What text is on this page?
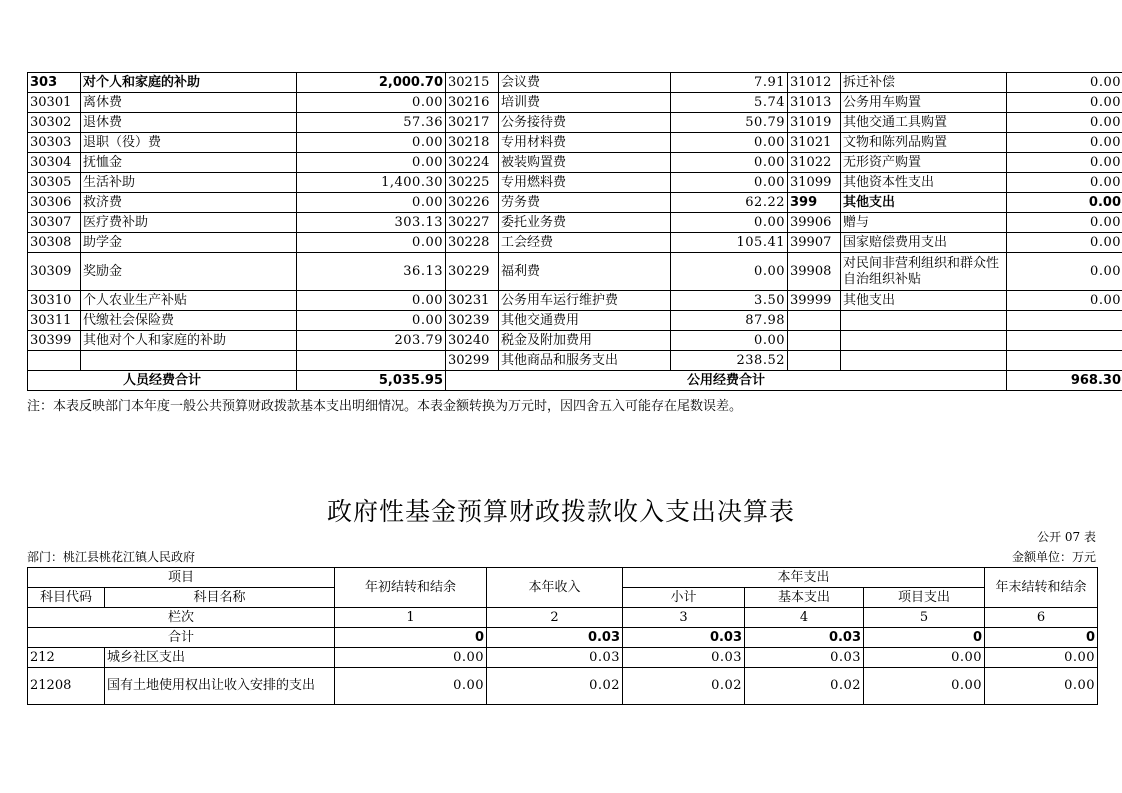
303	对个人和家庭的补助	2,000.70	30215	会议费	7.91	31012	拆迁补偿	0.00
30301	离休费	0.00	30216	培训费	5.74	31013	公务用车购置	0.00
30302	退休费	57.36	30217	公务接待费	50.79	31019	其他交通工具购置	0.00
30303	退职（役）费	0.00	30218	专用材料费	0.00	31021	文物和陈列品购置	0.00
30304	抚恤金	0.00	30224	被装购置费	0.00	31022	无形资产购置	0.00
30305	生活补助	1,400.30	30225	专用燃料费	0.00	31099	其他资本性支出	0.00
30306	救济费	0.00	30226	劳务费	62.22	399	其他支出	0.00
30307	医疗费补助	303.13	30227	委托业务费	0.00	39906	赠与	0.00
30308	助学金	0.00	30228	工会经费	105.41	39907	国家赔偿费用支出	0.00
30309	奖励金	36.13	30229	福利费	0.00	39908	对民间非营利组织和群众性自治组织补贴	0.00
30310	个人农业生产补贴	0.00	30231	公务用车运行维护费	3.50	39999	其他支出	0.00
30311	代缴社会保险费	0.00	30239	其他交通费用	87.98			
30399	其他对个人和家庭的补助	203.79	30240	税金及附加费用	0.00			
			30299	其他商品和服务支出	238.52			
人员经费合计		5,035.95	公用经费合计					968.30
注：本表反映部门本年度一般公共预算财政拨款基本支出明细情况。本表金额转换为万元时，因四舍五入可能存在尾数误差。
政府性基金预算财政拨款收入支出决算表
公开 07 表
部门：桃江县桃花江镇人民政府	金额单位：万元
项目		年初结转和结余	本年收入	本年支出			年末结转和结余
科目代码	科目名称			小计	基本支出	项目支出	
栏次		1	2	3	4	5	6
合计		0	0.03	0.03	0.03	0	0
212	城乡社区支出	0.00	0.03	0.03	0.03	0.00	0.00
21208	国有土地使用权出让收入安排的支出	0.00	0.02	0.02	0.02	0.00	0.00
